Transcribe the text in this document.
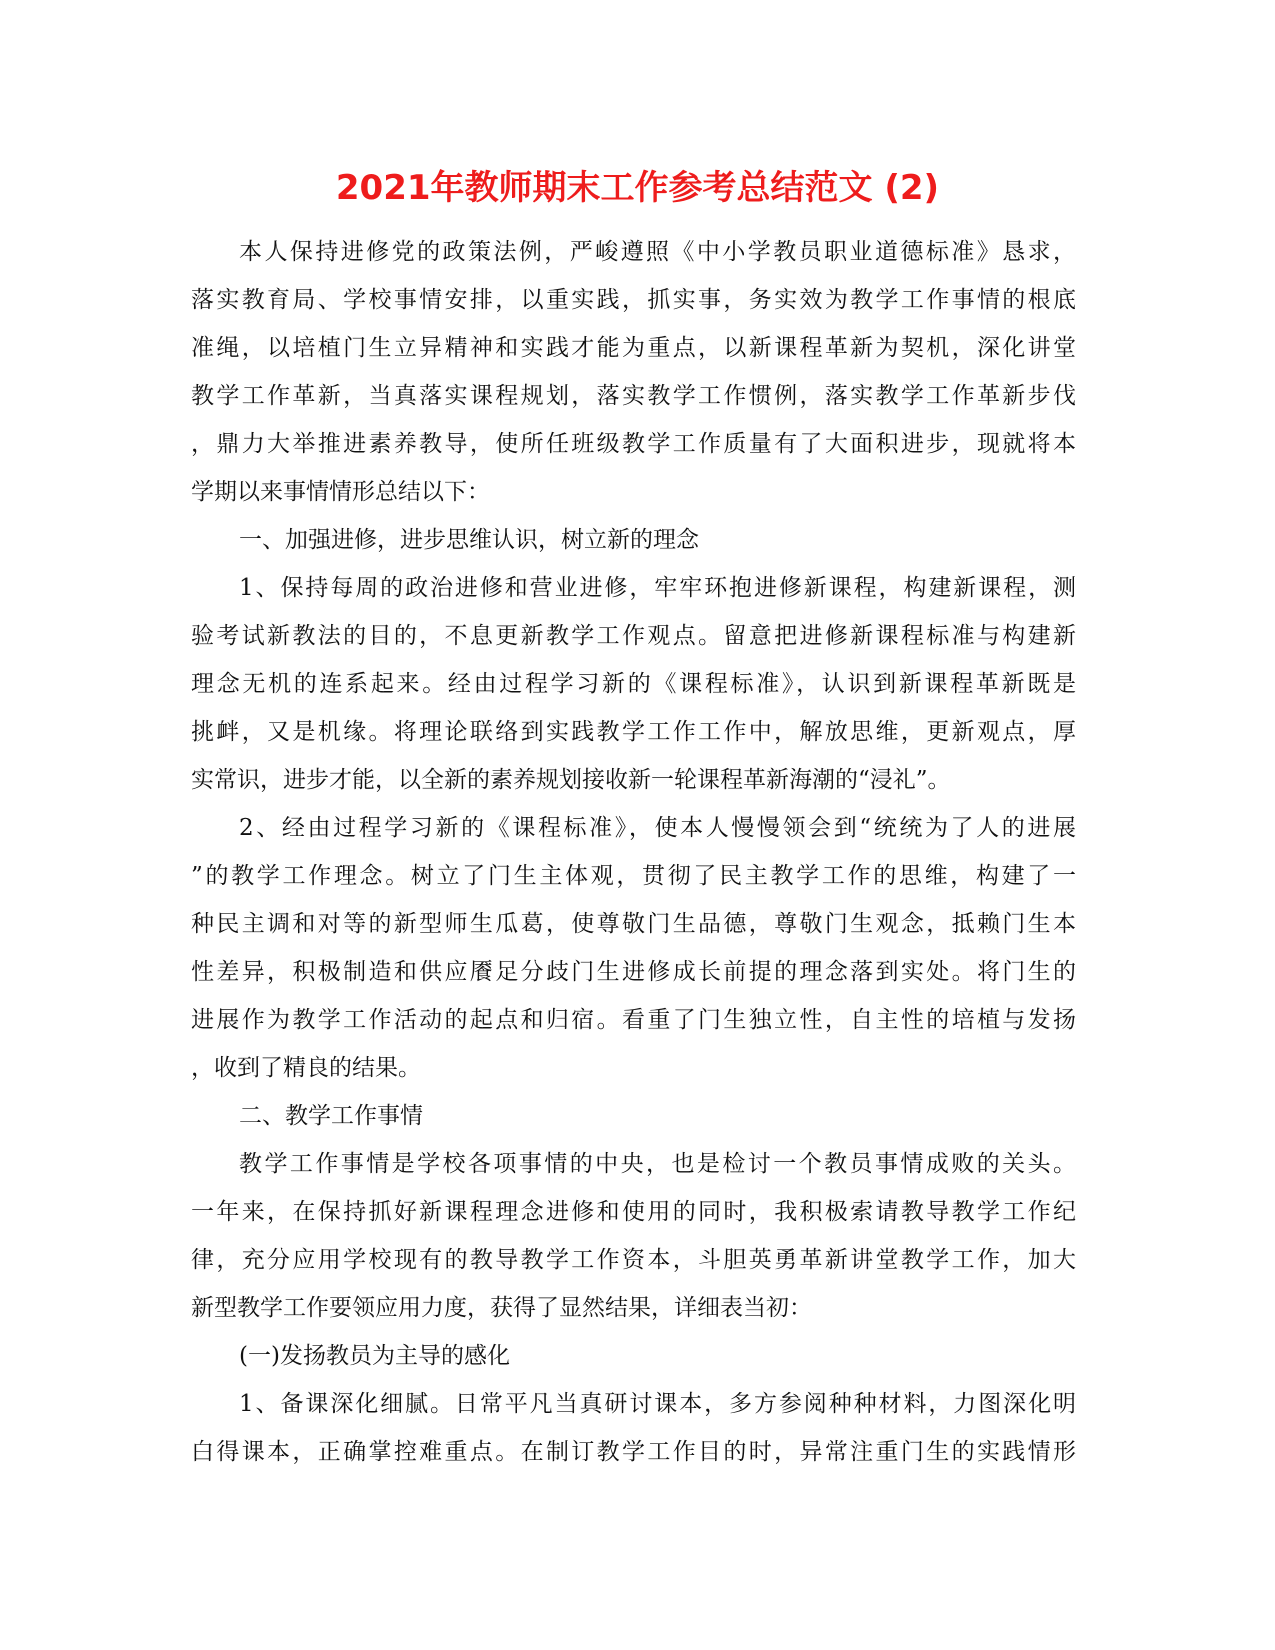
2021年教师期末工作参考总结范文 (2)
本人保持进修党的政策法例，严峻遵照《中小学教员职业道德标准》恳求，
落实教育局、学校事情安排，以重实践，抓实事，务实效为教学工作事情的根底
准绳，以培植门生立异精神和实践才能为重点，以新课程革新为契机，深化讲堂
教学工作革新，当真落实课程规划，落实教学工作惯例，落实教学工作革新步伐
，鼎力大举推进素养教导，使所任班级教学工作质量有了大面积进步，现就将本
学期以来事情情形总结以下：
一、加强进修，进步思维认识，树立新的理念
1、保持每周的政治进修和营业进修，牢牢环抱进修新课程，构建新课程，测
验考试新教法的目的，不息更新教学工作观点。留意把进修新课程标准与构建新
理念无机的连系起来。经由过程学习新的《课程标准》，认识到新课程革新既是
挑衅，又是机缘。将理论联络到实践教学工作工作中，解放思维，更新观点，厚
实常识，进步才能，以全新的素养规划接收新一轮课程革新海潮的“浸礼”。
2、经由过程学习新的《课程标准》，使本人慢慢领会到“统统为了人的进展
”的教学工作理念。树立了门生主体观，贯彻了民主教学工作的思维，构建了一
种民主调和对等的新型师生瓜葛，使尊敬门生品德，尊敬门生观念，抵赖门生本
性差异，积极制造和供应餍足分歧门生进修成长前提的理念落到实处。将门生的
进展作为教学工作活动的起点和归宿。看重了门生独立性，自主性的培植与发扬
，收到了精良的结果。
二、教学工作事情
教学工作事情是学校各项事情的中央，也是检讨一个教员事情成败的关头。
一年来，在保持抓好新课程理念进修和使用的同时，我积极索请教导教学工作纪
律，充分应用学校现有的教导教学工作资本，斗胆英勇革新讲堂教学工作，加大
新型教学工作要领应用力度，获得了显然结果，详细表当初：
(一)发扬教员为主导的感化
1、备课深化细腻。日常平凡当真研讨课本，多方参阅种种材料，力图深化明
白得课本，正确掌控难重点。在制订教学工作目的时，异常注重门生的实践情形
